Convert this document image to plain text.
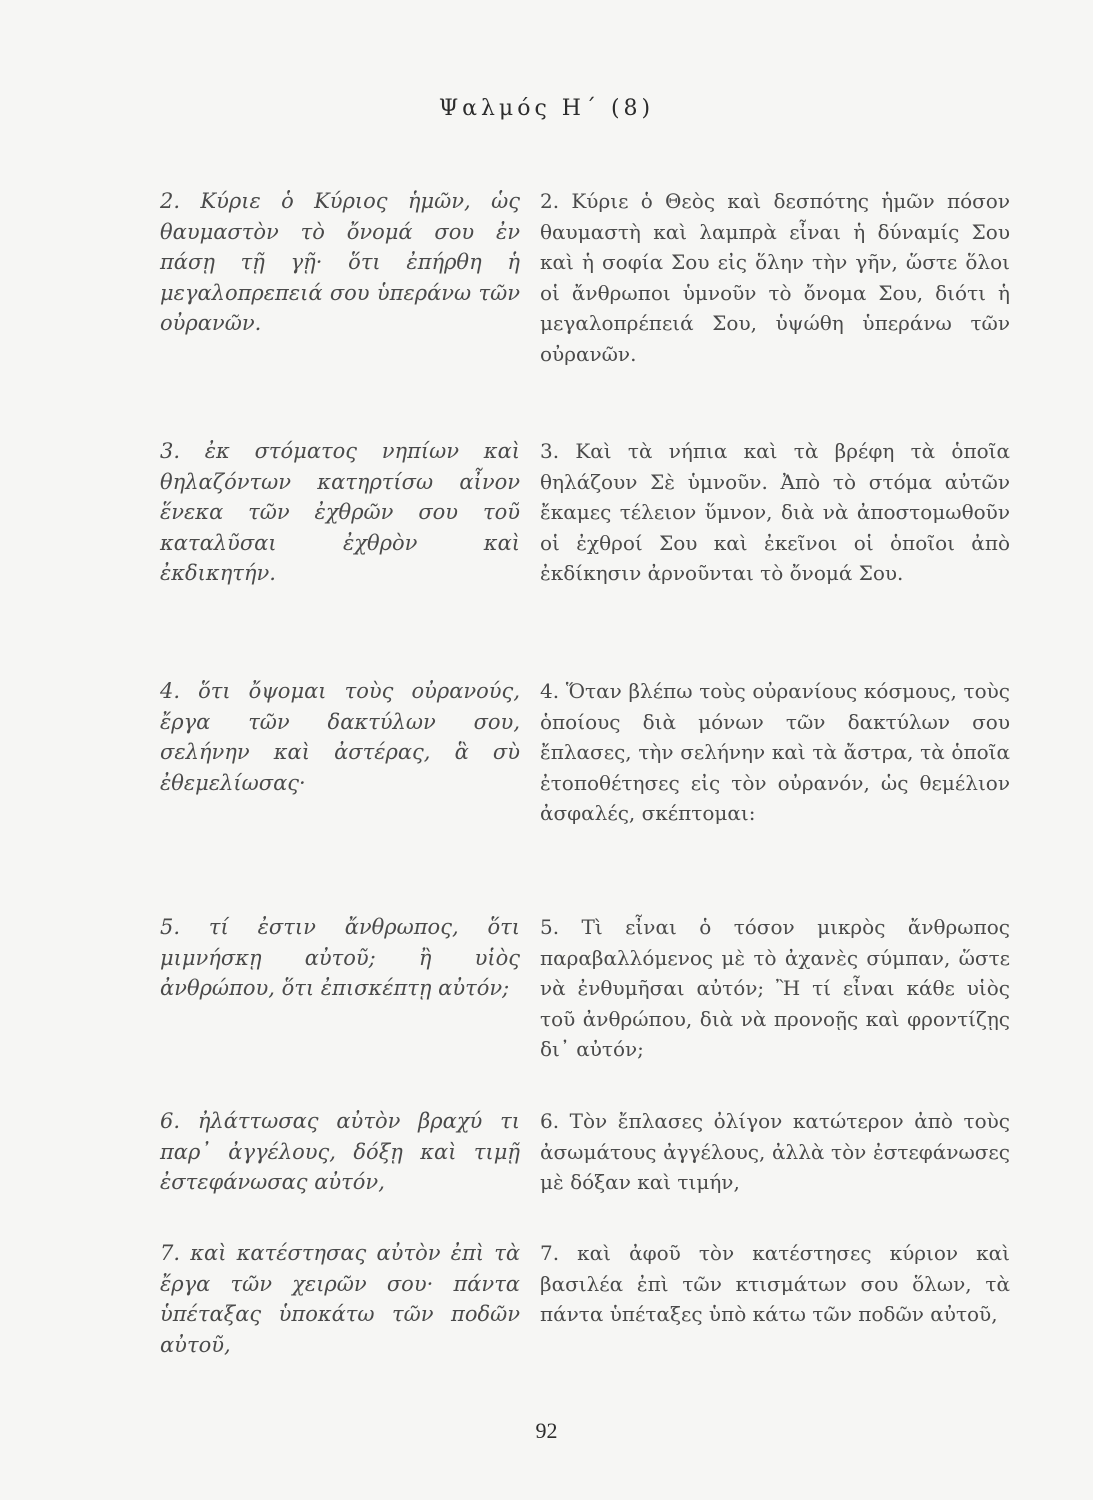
Ψαλμός Η΄ (8)

2. Κύριε ὁ Κύριος ἡμῶν, ὡς θαυμαστὸν τὸ ὄνομά σου ἐν πάσῃ τῇ γῇ· ὅτι ἐπήρθη ἡ μεγαλοπρεπειά σου ὑπεράνω τῶν οὐρανῶν.

2. Κύριε ὁ Θεὸς καὶ δεσπότης ἡμῶν πόσον θαυμαστὴ καὶ λαμπρὰ εἶναι ἡ δύναμίς Σου καὶ ἡ σοφία Σου εἰς ὅλην τὴν γῆν, ὥστε ὅλοι οἱ ἄνθρωποι ὑμνοῦν τὸ ὄνομα Σου, διότι ἡ μεγαλοπρέπειά Σου, ὑψώθη ὑπεράνω τῶν οὐρανῶν.

3. ἐκ στόματος νηπίων καὶ θηλαζόντων κατηρτίσω αἶνον ἕνεκα τῶν ἐχθρῶν σου τοῦ καταλῦσαι ἐχθρὸν καὶ ἐκδικητήν.

3. Καὶ τὰ νήπια καὶ τὰ βρέφη τὰ ὁποῖα θηλάζουν Σὲ ὑμνοῦν. Ἀπὸ τὸ στόμα αὐτῶν ἔκαμες τέλειον ὕμνον, διὰ νὰ ἀποστομωθοῦν οἱ ἐχθροί Σου καὶ ἐκεῖνοι οἱ ὁποῖοι ἀπὸ ἐκδίκησιν ἀρνοῦνται τὸ ὄνομά Σου.

4. ὅτι ὄψομαι τοὺς οὐρανούς, ἔργα τῶν δακτύλων σου, σελήνην καὶ ἀστέρας, ἃ σὺ ἐθεμελίωσας·

4. Ὅταν βλέπω τοὺς οὐρανίους κόσμους, τοὺς ὁποίους διὰ μόνων τῶν δακτύλων σου ἔπλασες, τὴν σελήνην καὶ τὰ ἄστρα, τὰ ὁποῖα ἐτοποθέτησες εἰς τὸν οὐρανόν, ὡς θεμέλιον ἀσφαλές, σκέπτομαι:

5. τί ἐστιν ἄνθρωπος, ὅτι μιμνήσκῃ αὐτοῦ; ἢ υἱὸς ἀνθρώπου, ὅτι ἐπισκέπτῃ αὐτόν;

5. Τὶ εἶναι ὁ τόσον μικρὸς ἄνθρωπος παραβαλλόμενος μὲ τὸ ἀχανὲς σύμπαν, ὥστε νὰ ἐνθυμῆσαι αὐτόν; Ἢ τί εἶναι κάθε υἱὸς τοῦ ἀνθρώπου, διὰ νὰ προνοῇς καὶ φροντίζῃς δι᾽ αὐτόν;

6. ἠλάττωσας αὐτὸν βραχύ τι παρ᾽ ἀγγέλους, δόξῃ καὶ τιμῇ ἐστεφάνωσας αὐτόν,

6. Τὸν ἔπλασες ὀλίγον κατώτερον ἀπὸ τοὺς ἀσωμάτους ἀγγέλους, ἀλλὰ τὸν ἐστεφάνωσες μὲ δόξαν καὶ τιμήν,

7. καὶ κατέστησας αὐτὸν ἐπὶ τὰ ἔργα τῶν χειρῶν σου· πάντα ὑπέταξας ὑποκάτω τῶν ποδῶν αὐτοῦ,

7. καὶ ἀφοῦ τὸν κατέστησες κύριον καὶ βασιλέα ἐπὶ τῶν κτισμάτων σου ὅλων, τὰ πάντα ὑπέταξες ὑπὸ κάτω τῶν ποδῶν αὐτοῦ,

92
